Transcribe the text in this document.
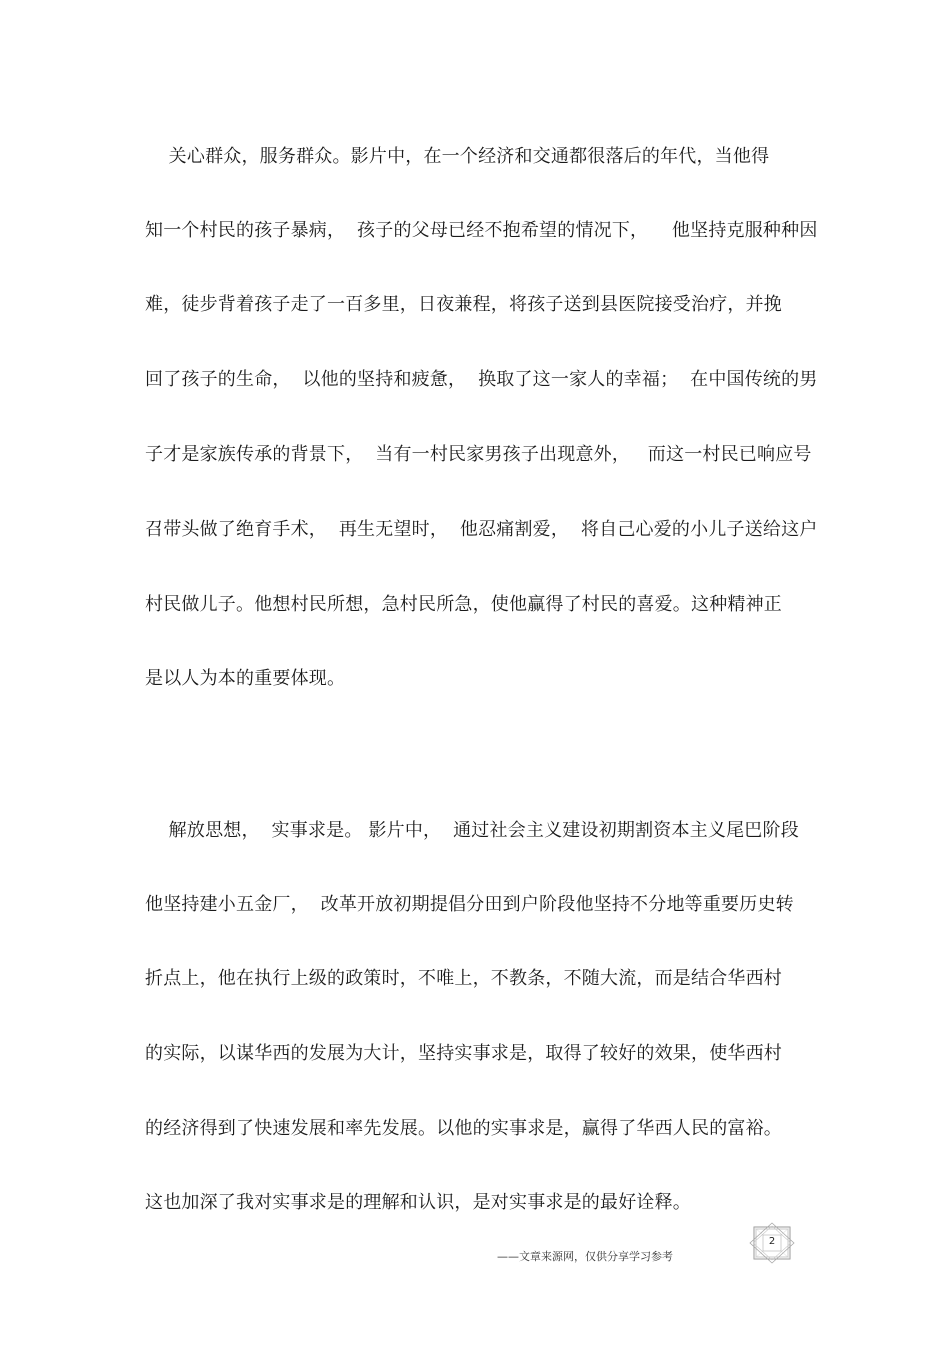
关心群众，服务群众。影片中，在一个经济和交通都很落后的年代，当他得
知一个村民的孩子暴病，  孩子的父母已经不抱希望的情况下，    他坚持克服种种因
难，徒步背着孩子走了一百多里，日夜兼程，将孩子送到县医院接受治疗，并挽
回了孩子的生命，  以他的坚持和疲惫，  换取了这一家人的幸福；  在中国传统的男
子才是家族传承的背景下，  当有一村民家男孩子出现意外，   而这一村民已响应号
召带头做了绝育手术，  再生无望时，  他忍痛割爱，  将自己心爱的小儿子送给这户
村民做儿子。他想村民所想，急村民所急，使他赢得了村民的喜爱。这种精神正
是以人为本的重要体现。
解放思想，  实事求是。 影片中，  通过社会主义建设初期割资本主义尾巴阶段
他坚持建小五金厂，  改革开放初期提倡分田到户阶段他坚持不分地等重要历史转
折点上，他在执行上级的政策时，不唯上，不教条，不随大流，而是结合华西村
的实际，以谋华西的发展为大计，坚持实事求是，取得了较好的效果，使华西村
的经济得到了快速发展和率先发展。以他的实事求是，赢得了华西人民的富裕。
这也加深了我对实事求是的理解和认识，是对实事求是的最好诠释。
2
——文章来源网，仅供分享学习参考
